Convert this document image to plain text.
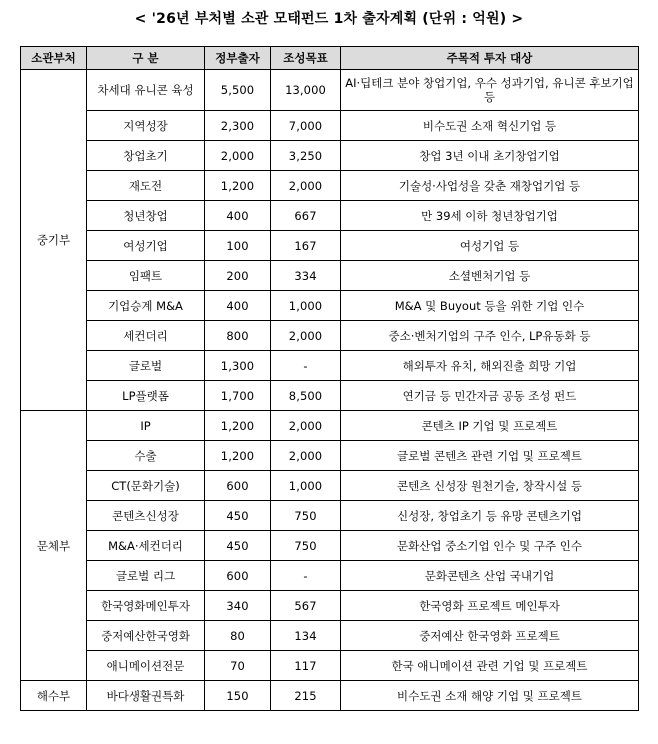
< '26년 부처별 소관 모태펀드 1차 출자계획 (단위 : 억원) >
소관부처	구 분	정부출자	조성목표	주목적 투자 대상
중기부	차세대 유니콘 육성	5,500	13,000	AI·딥테크 분야 창업기업, 우수 성과기업, 유니콘 후보기업 등
	지역성장	2,300	7,000	비수도권 소재 혁신기업 등
	창업초기	2,000	3,250	창업 3년 이내 초기창업기업
	재도전	1,200	2,000	기술성·사업성을 갖춘 재창업기업 등
	청년창업	400	667	만 39세 이하 청년창업기업
	여성기업	100	167	여성기업 등
	임팩트	200	334	소셜벤처기업 등
	기업승계 M&A	400	1,000	M&A 및 Buyout 등을 위한 기업 인수
	세컨더리	800	2,000	중소·벤처기업의 구주 인수, LP유동화 등
	글로벌	1,300	-	해외투자 유치, 해외진출 희망 기업
	LP플랫폼	1,700	8,500	연기금 등 민간자금 공동 조성 펀드
문체부	IP	1,200	2,000	콘텐츠 IP 기업 및 프로젝트
	수출	1,200	2,000	글로벌 콘텐츠 관련 기업 및 프로젝트
	CT(문화기술)	600	1,000	콘텐츠 신성장 원천기술, 창작시설 등
	콘텐츠신성장	450	750	신성장, 창업초기 등 유망 콘텐츠기업
	M&A·세컨더리	450	750	문화산업 중소기업 인수 및 구주 인수
	글로벌 리그	600	-	문화콘텐츠 산업 국내기업
	한국영화메인투자	340	567	한국영화 프로젝트 메인투자
	중저예산한국영화	80	134	중저예산 한국영화 프로젝트
	애니메이션전문	70	117	한국 애니메이션 관련 기업 및 프로젝트
해수부	바다생활권특화	150	215	비수도권 소재 해양 기업 및 프로젝트
